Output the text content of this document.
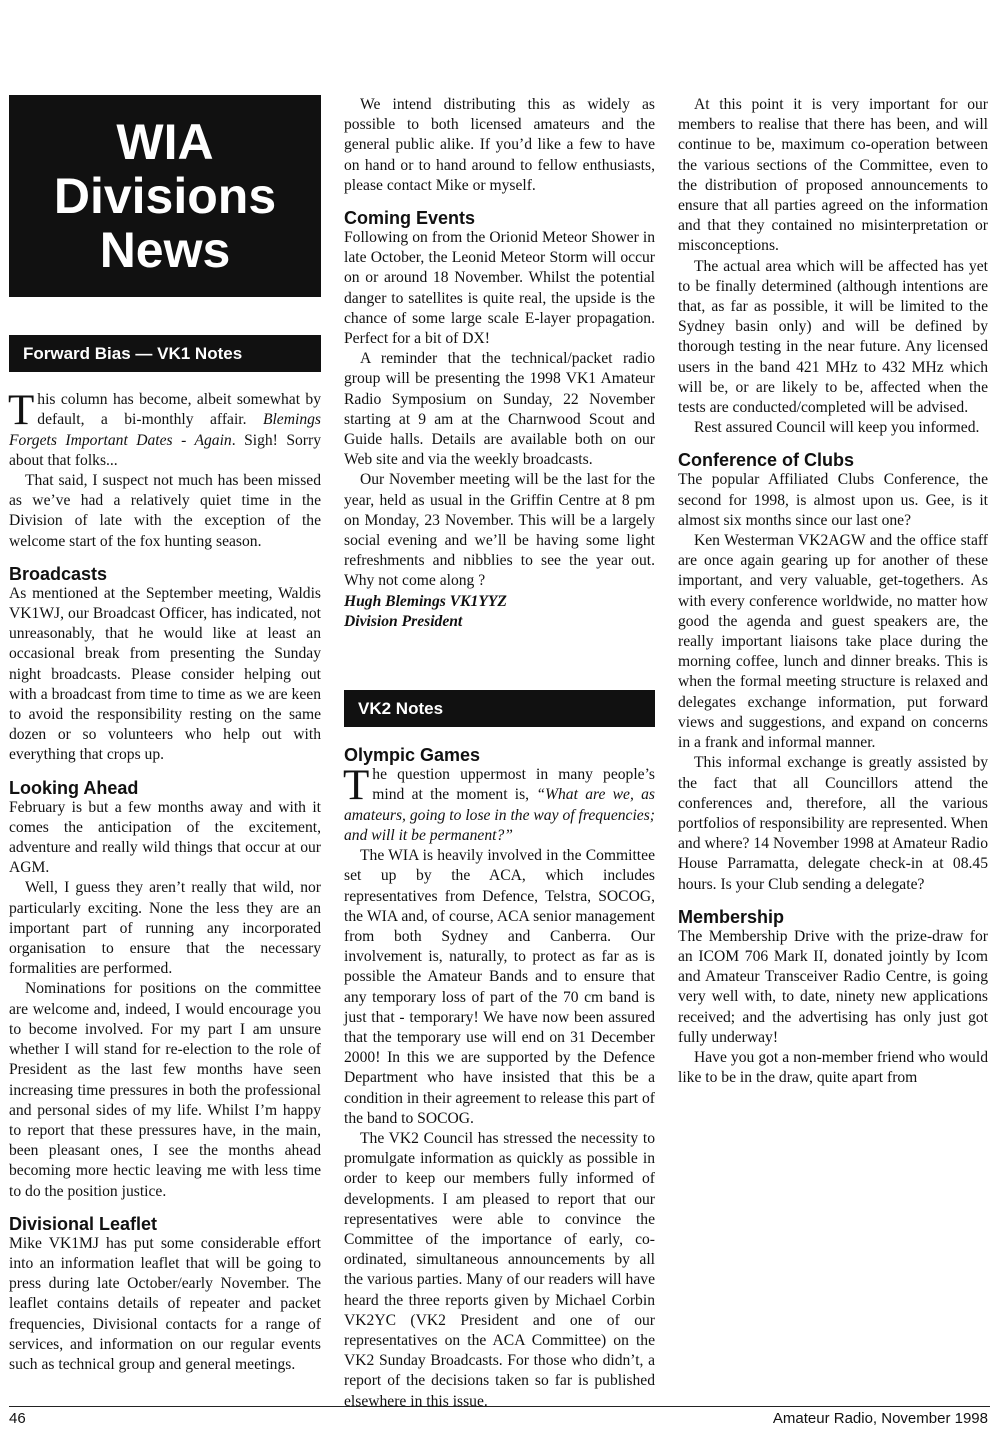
WIA
Divisions
News
Forward Bias — VK1 Notes

This column has become, albeit somewhat by default, a bi-monthly affair. Blemings Forgets Important Dates - Again. Sigh! Sorry about that folks...

That said, I suspect not much has been missed as we’ve had a relatively quiet time in the Division of late with the exception of the welcome start of the fox hunting season.

Broadcasts

As mentioned at the September meeting, Waldis VK1WJ, our Broadcast Officer, has indicated, not unreasonably, that he would like at least an occasional break from presenting the Sunday night broadcasts. Please consider helping out with a broadcast from time to time as we are keen to avoid the responsibility resting on the same dozen or so volunteers who help out with everything that crops up.

Looking Ahead

February is but a few months away and with it comes the anticipation of the excitement, adventure and really wild things that occur at our AGM.

Well, I guess they aren’t really that wild, nor particularly exciting. None the less they are an important part of running any incorporated organisation to ensure that the necessary formalities are performed.

Nominations for positions on the committee are welcome and, indeed, I would encourage you to become involved. For my part I am unsure whether I will stand for re-election to the role of President as the last few months have seen increasing time pressures in both the professional and personal sides of my life. Whilst I’m happy to report that these pressures have, in the main, been pleasant ones, I see the months ahead becoming more hectic leaving me with less time to do the position justice.

Divisional Leaflet

Mike VK1MJ has put some considerable effort into an information leaflet that will be going to press during late October/early November. The leaflet contains details of repeater and packet frequencies, Divisional contacts for a range of services, and information on our regular events such as technical group and general meetings.

We intend distributing this as widely as possible to both licensed amateurs and the general public alike. If you’d like a few to have on hand or to hand around to fellow enthusiasts, please contact Mike or myself.

Coming Events

Following on from the Orionid Meteor Shower in late October, the Leonid Meteor Storm will occur on or around 18 November. Whilst the potential danger to satellites is quite real, the upside is the chance of some large scale E-layer propagation. Perfect for a bit of DX!

A reminder that the technical/packet radio group will be presenting the 1998 VK1 Amateur Radio Symposium on Sunday, 22 November starting at 9 am at the Charnwood Scout and Guide halls. Details are available both on our Web site and via the weekly broadcasts.

Our November meeting will be the last for the year, held as usual in the Griffin Centre at 8 pm on Monday, 23 November. This will be a largely social evening and we’ll be having some light refreshments and nibblies to see the year out. Why not come along ?

Hugh Blemings VK1YYZ
Division President
VK2 Notes
Olympic Games

The question uppermost in many people’s mind at the moment is, “What are we, as amateurs, going to lose in the way of frequencies; and will it be permanent?”

The WIA is heavily involved in the Committee set up by the ACA, which includes representatives from Defence, Telstra, SOCOG, the WIA and, of course, ACA senior management from both Sydney and Canberra. Our involvement is, naturally, to protect as far as is possible the Amateur Bands and to ensure that any temporary loss of part of the 70 cm band is just that - temporary! We have now been assured that the temporary use will end on 31 December 2000! In this we are supported by the Defence Department who have insisted that this be a condition in their agreement to release this part of the band to SOCOG.

The VK2 Council has stressed the necessity to promulgate information as quickly as possible in order to keep our members fully informed of developments. I am pleased to report that our representatives were able to convince the Committee of the importance of early, co-ordinated, simultaneous announcements by all the various parties. Many of our readers will have heard the three reports given by Michael Corbin VK2YC (VK2 President and one of our representatives on the ACA Committee) on the VK2 Sunday Broadcasts. For those who didn’t, a report of the decisions taken so far is published elsewhere in this issue.

At this point it is very important for our members to realise that there has been, and will continue to be, maximum co-operation between the various sections of the Committee, even to the distribution of proposed announcements to ensure that all parties agreed on the information and that they contained no misinterpretation or misconceptions.

The actual area which will be affected has yet to be finally determined (although intentions are that, as far as possible, it will be limited to the Sydney basin only) and will be defined by thorough testing in the near future. Any licensed users in the band 421 MHz to 432 MHz which will be, or are likely to be, affected when the tests are conducted/completed will be advised.

Rest assured Council will keep you informed.

Conference of Clubs

The popular Affiliated Clubs Conference, the second for 1998, is almost upon us. Gee, is it almost six months since our last one?

Ken Westerman VK2AGW and the office staff are once again gearing up for another of these important, and very valuable, get-togethers. As with every conference worldwide, no matter how good the agenda and guest speakers are, the really important liaisons take place during the morning coffee, lunch and dinner breaks. This is when the formal meeting structure is relaxed and delegates exchange information, put forward views and suggestions, and expand on concerns in a frank and informal manner.

This informal exchange is greatly assisted by the fact that all Councillors attend the conferences and, therefore, all the various portfolios of responsibility are represented. When and where? 14 November 1998 at Amateur Radio House Parramatta, delegate check-in at 08.45 hours. Is your Club sending a delegate?

Membership

The Membership Drive with the prize-draw for an ICOM 706 Mark II, donated jointly by Icom and Amateur Transceiver Radio Centre, is going very well with, to date, ninety new applications received; and the advertising has only just got fully underway!

Have you got a non-member friend who would like to be in the draw, quite apart from

46	Amateur Radio, November 1998
